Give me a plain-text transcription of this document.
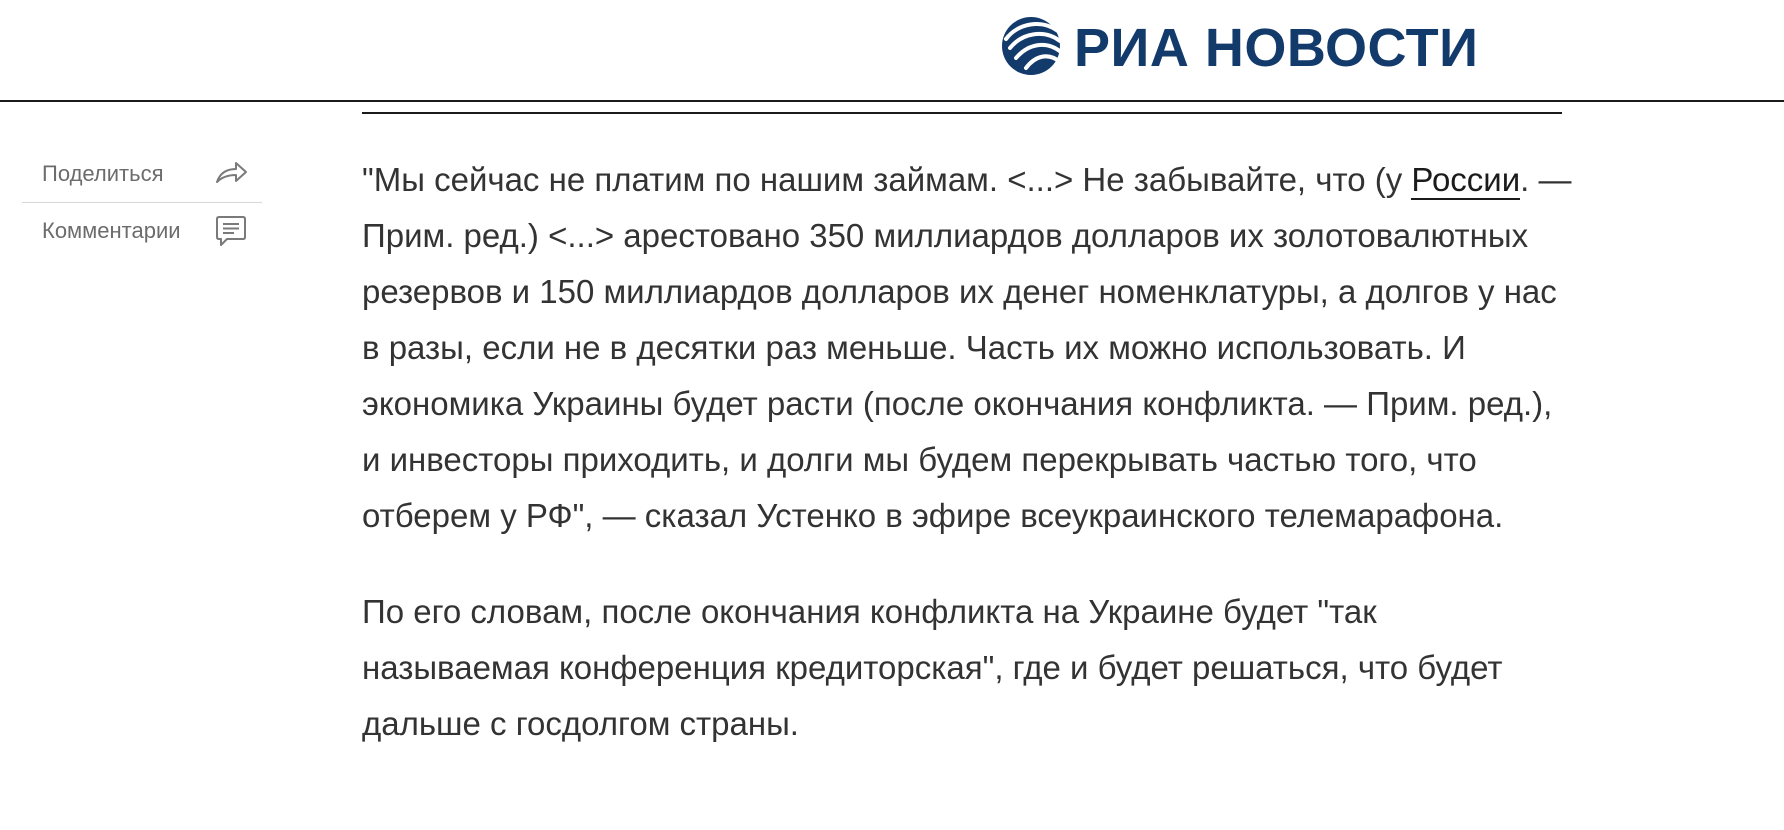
РИА НОВОСТИ
Поделиться
Комментарии

"Мы сейчас не платим по нашим займам. <...> Не забывайте, что (у России. — Прим. ред.) <...> арестовано 350 миллиардов долларов их золотовалютных резервов и 150 миллиардов долларов их денег номенклатуры, а долгов у нас в разы, если не в десятки раз меньше. Часть их можно использовать. И экономика Украины будет расти (после окончания конфликта. — Прим. ред.), и инвесторы приходить, и долги мы будем перекрывать частью того, что отберем у РФ", — сказал Устенко в эфире всеукраинского телемарафона.

По его словам, после окончания конфликта на Украине будет "так называемая конференция кредиторская", где и будет решаться, что будет дальше с госдолгом страны.
